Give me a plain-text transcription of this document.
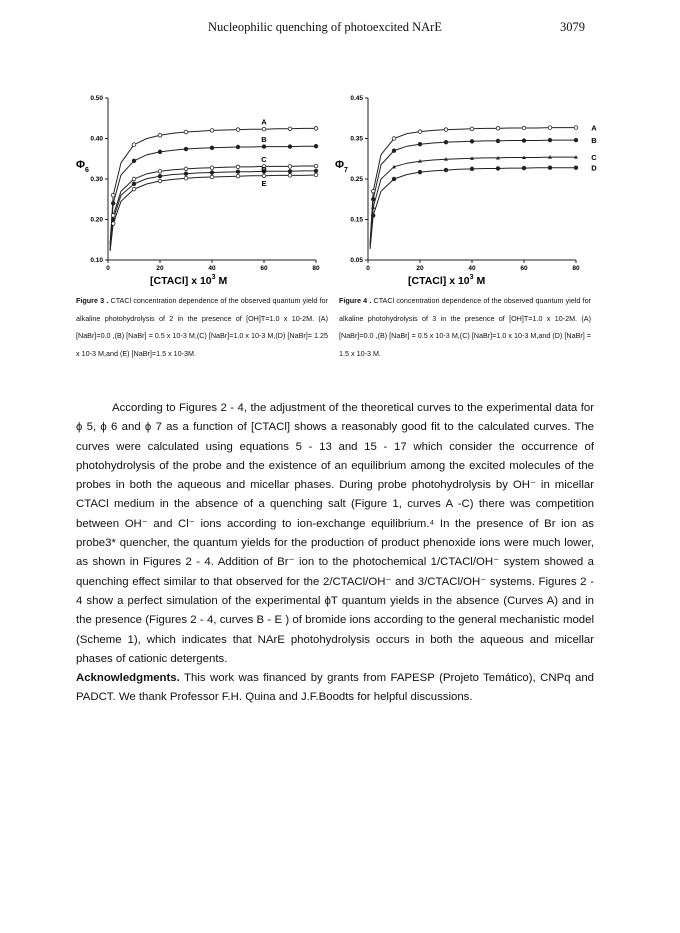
Nucleophilic quenching of photoexcited NArE	3079
0.10
0.20
0.30
0.40
0.50
0	20	40	60	80
A
B
C
D
E
$\Phi_6$
[CTACl] x $10^3$ M
0.05
0.15
0.25
0.35
0.45
0	20	40	60	80
A
B
C
D
$\Phi_7$
[CTACl] x $10^3$ M
Figure 3 . CTACl concentration dependence of the observed quantum yield for alkaline photohydrolysis of 2 in the presence of [OH]T=1.0 x 10-2M. (A) [NaBr]=0.0 ,(B) [NaBr] = 0.5 x 10-3 M,(C) [NaBr]=1.0 x 10-3 M,(D) [NaBr]= 1.25 x 10-3 M,and (E) [NaBr]=1.5 x 10-3M.
Figure 4 . CTACl concentration dependence of the observed quantum yield for alkaline photohydrolysis of 3 in the presence of [OH]T=1.0 x 10-2M. (A) [NaBr]=0.0 ,(B) [NaBr] = 0.5 x 10-3 M,(C) [NaBr]=1.0 x 10-3 M,and (D) [NaBr] = 1.5 x 10-3 M.

According to Figures 2 - 4, the adjustment of the theoretical curves to the experimental data for ϕ 5, ϕ 6 and ϕ 7 as a function of [CTACl] shows a reasonably good fit to the calculated curves. The curves were calculated using equations 5 - 13 and 15 - 17 which consider the occurrence of photohydrolysis of the probe and the existence of an equilibrium among the excited molecules of the probes in both the aqueous and micellar phases. During probe photohydrolysis by OH⁻ in micellar CTACl medium in the absence of a quenching salt (Figure 1, curves A -C) there was competition between OH⁻ and Cl⁻ ions according to ion-exchange equilibrium.⁴ In the presence of Br ion as probe3* quencher, the quantum yields for the production of product phenoxide ions were much lower, as shown in Figures 2 - 4. Addition of Br⁻ ion to the photochemical 1/CTACl/OH⁻ system showed a quenching effect similar to that observed for the 2/CTACl/OH⁻ and 3/CTACl/OH⁻ systems. Figures 2 - 4 show a perfect simulation of the experimental ϕT quantum yields in the absence (Curves A) and in the presence (Figures 2 - 4, curves B - E ) of bromide ions according to the general mechanistic model (Scheme 1), which indicates that NArE photohydrolysis occurs in both the aqueous and micellar phases of cationic detergents.

Acknowledgments. This work was financed by grants from FAPESP (Projeto Temático), CNPq and PADCT. We thank Professor F.H. Quina and J.F.Boodts for helpful discussions.
